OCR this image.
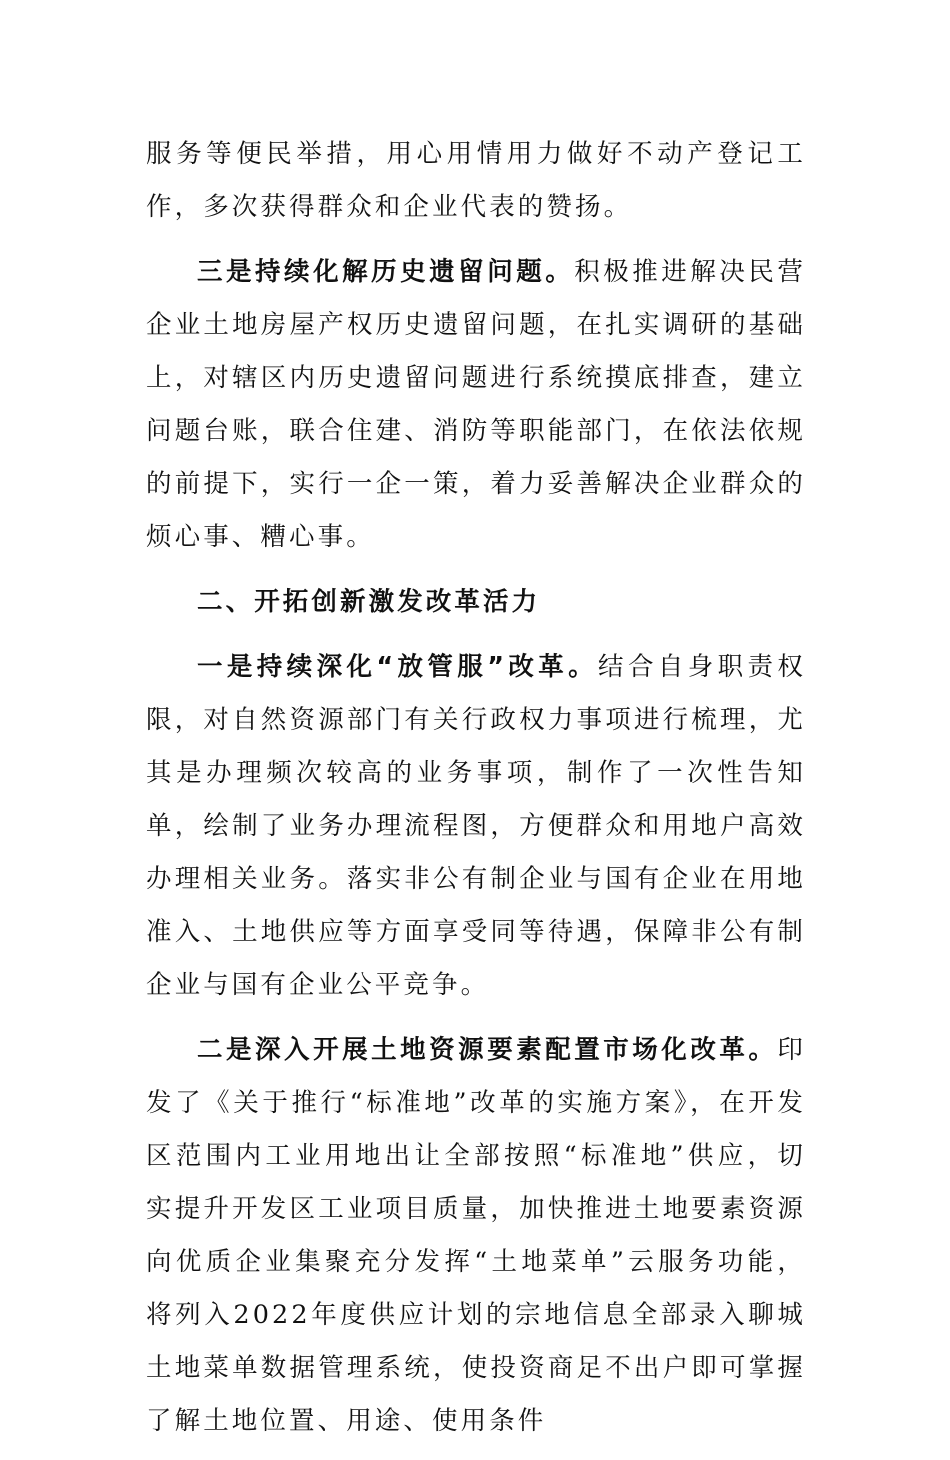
服务等便民举措，用心用情用力做好不动产登记工作，多次获得群众和企业代表的赞扬。

三是持续化解历史遗留问题。积极推进解决民营企业土地房屋产权历史遗留问题，在扎实调研的基础上，对辖区内历史遗留问题进行系统摸底排查，建立问题台账，联合住建、消防等职能部门，在依法依规的前提下，实行一企一策，着力妥善解决企业群众的烦心事、糟心事。

二、开拓创新激发改革活力

一是持续深化“放管服”改革。结合自身职责权限，对自然资源部门有关行政权力事项进行梳理，尤其是办理频次较高的业务事项，制作了一次性告知单，绘制了业务办理流程图，方便群众和用地户高效办理相关业务。落实非公有制企业与国有企业在用地准入、土地供应等方面享受同等待遇，保障非公有制企业与国有企业公平竞争。

二是深入开展土地资源要素配置市场化改革。印发了《关于推行“标准地”改革的实施方案》，在开发区范围内工业用地出让全部按照“标准地”供应，切实提升开发区工业项目质量，加快推进土地要素资源向优质企业集聚充分发挥“土地菜单”云服务功能，将列入2022年度供应计划的宗地信息全部录入聊城土地菜单数据管理系统，使投资商足不出户即可掌握了解土地位置、用途、使用条件
